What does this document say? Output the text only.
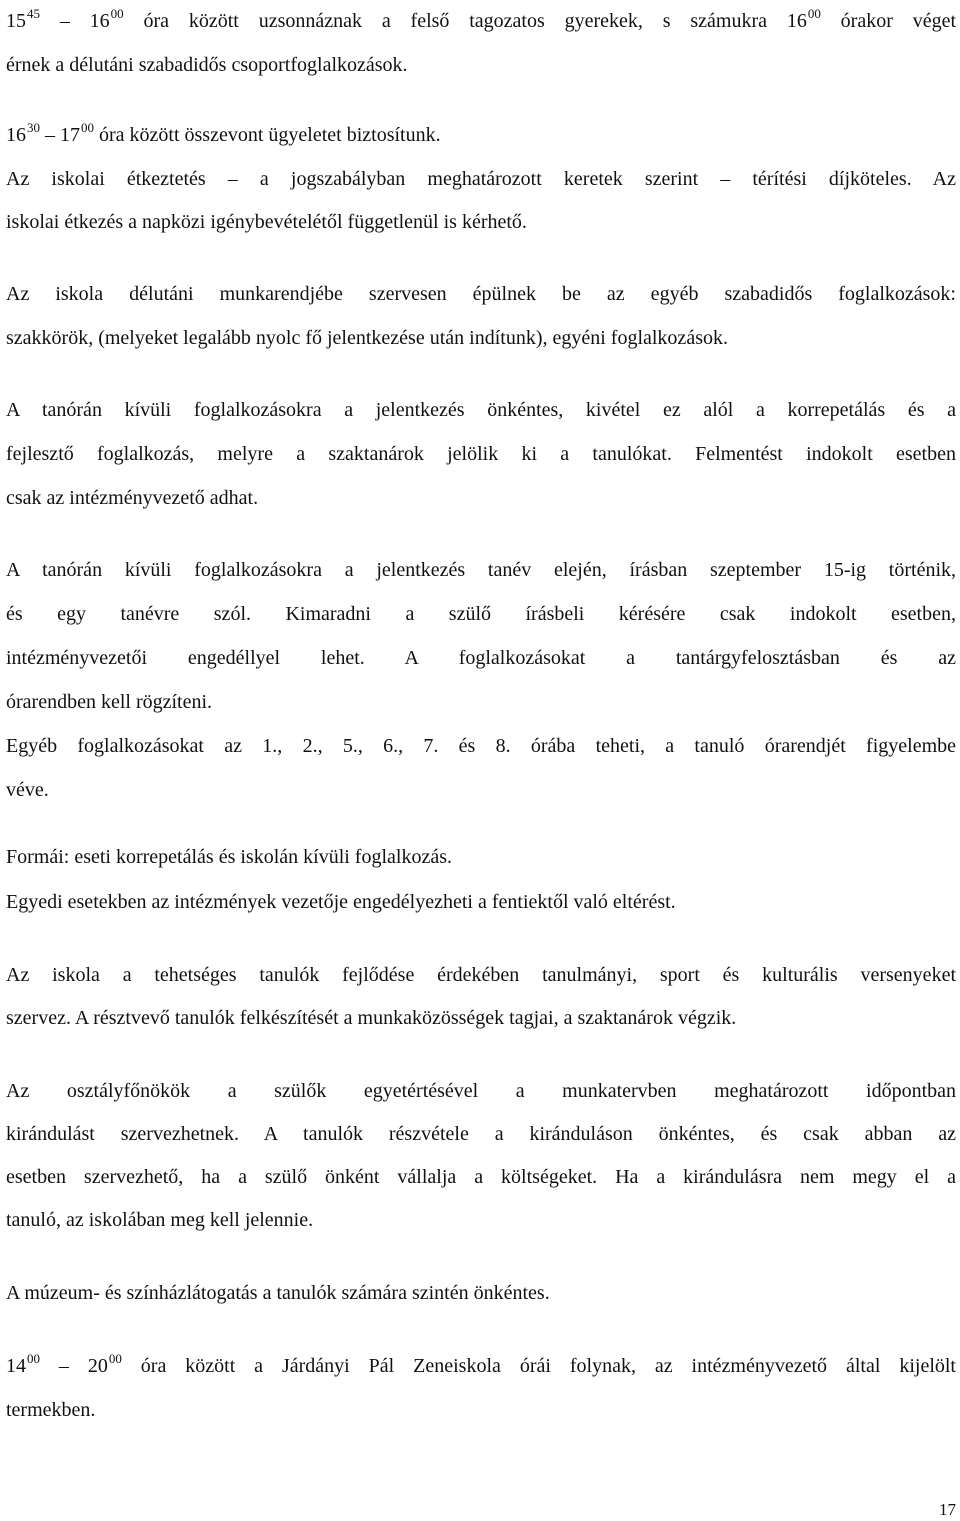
$15^{45} - 16^{00}$ óra között uzsonnáznak a felső tagozatos gyerekek, s számukra $16^{00}$ órakor véget
érnek a délutáni szabadidős csoportfoglalkozások.
$16^{30} - 17^{00}$ óra között összevont ügyeletet biztosítunk.
Az iskolai étkeztetés – a jogszabályban meghatározott keretek szerint – térítési díjköteles. Az
iskolai étkezés a napközi igénybevételétől függetlenül is kérhető.
Az iskola délutáni munkarendjébe szervesen épülnek be az egyéb szabadidős foglalkozások:
szakkörök, (melyeket legalább nyolc fő jelentkezése után indítunk), egyéni foglalkozások.
A tanórán kívüli foglalkozásokra a jelentkezés önkéntes, kivétel ez alól a korrepetálás és a
fejlesztő foglalkozás, melyre a szaktanárok jelölik ki a tanulókat. Felmentést indokolt esetben
csak az intézményvezető adhat.
A tanórán kívüli foglalkozásokra a jelentkezés tanév elején, írásban szeptember 15-ig történik,
és egy tanévre szól. Kimaradni a szülő írásbeli kérésére csak indokolt esetben,
intézményvezetői engedéllyel lehet. A foglalkozásokat a tantárgyfelosztásban és az
órarendben kell rögzíteni.
Egyéb foglalkozásokat az 1., 2., 5., 6., 7. és 8. órába teheti, a tanuló órarendjét figyelembe
véve.
Formái: eseti korrepetálás és iskolán kívüli foglalkozás.
Egyedi esetekben az intézmények vezetője engedélyezheti a fentiektől való eltérést.
Az iskola a tehetséges tanulók fejlődése érdekében tanulmányi, sport és kulturális versenyeket
szervez. A résztvevő tanulók felkészítését a munkaközösségek tagjai, a szaktanárok végzik.
Az osztályfőnökök a szülők egyetértésével a munkatervben meghatározott időpontban
kirándulást szervezhetnek. A tanulók részvétele a kiránduláson önkéntes, és csak abban az
esetben szervezhető, ha a szülő önként vállalja a költségeket. Ha a kirándulásra nem megy el a
tanuló, az iskolában meg kell jelennie.
A múzeum- és színházlátogatás a tanulók számára szintén önkéntes.
$14^{00} - 20^{00}$ óra között a Járdányi Pál Zeneiskola órái folynak, az intézményvezető által kijelölt
termekben.
17
